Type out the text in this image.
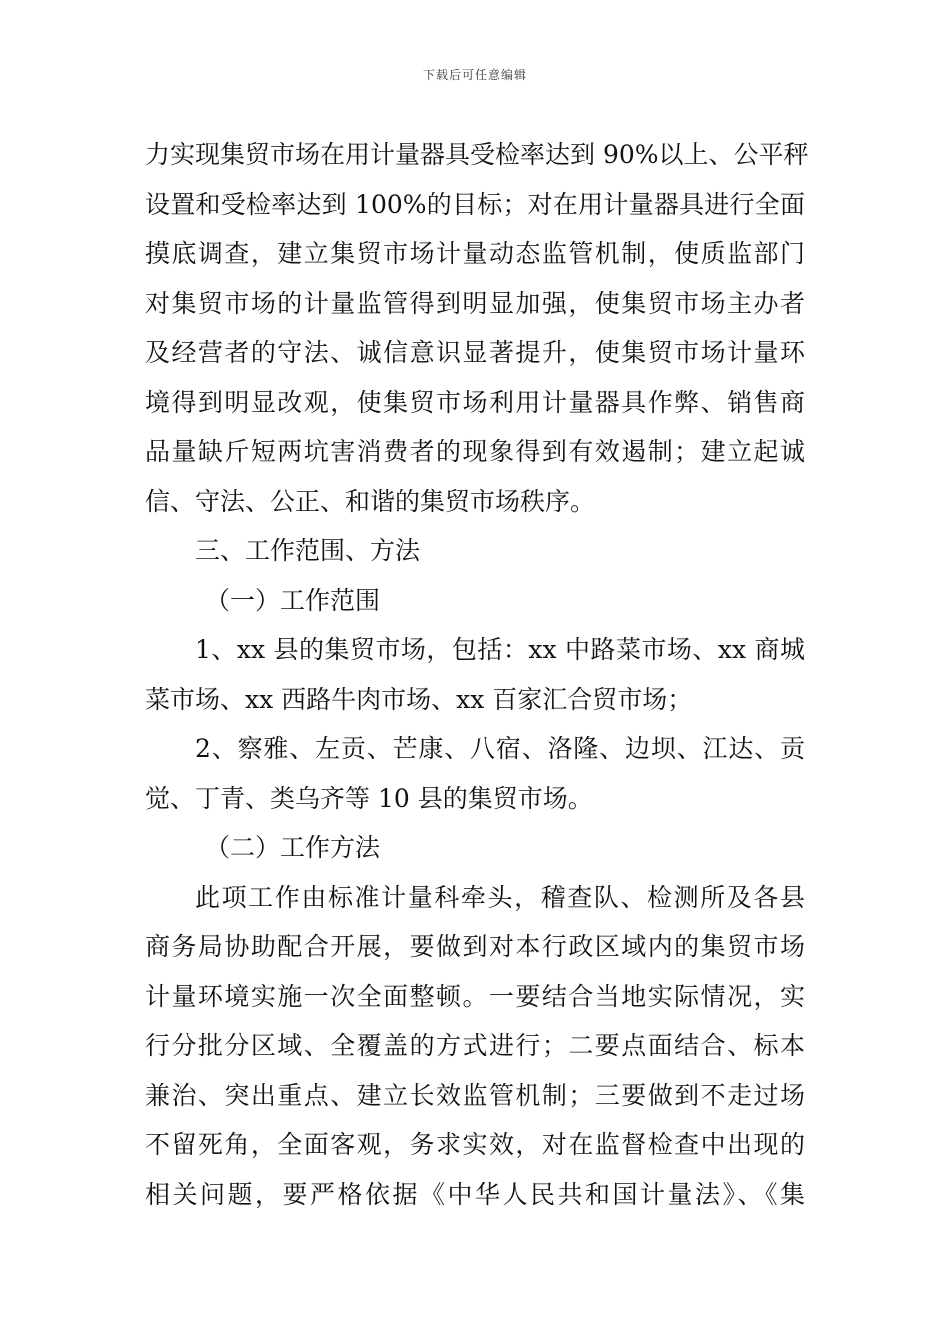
下载后可任意编辑
力实现集贸市场在用计量器具受检率达到 90%以上、公平秤
设置和受检率达到 100%的目标；对在用计量器具进行全面
摸底调查，建立集贸市场计量动态监管机制，使质监部门
对集贸市场的计量监管得到明显加强，使集贸市场主办者
及经营者的守法、诚信意识显著提升，使集贸市场计量环
境得到明显改观，使集贸市场利用计量器具作弊、销售商
品量缺斤短两坑害消费者的现象得到有效遏制；建立起诚
信、守法、公正、和谐的集贸市场秩序。
三、工作范围、方法
（一）工作范围
1、xx 县的集贸市场，包括：xx 中路菜市场、xx 商城
菜市场、xx 西路牛肉市场、xx 百家汇合贸市场；
2、察雅、左贡、芒康、八宿、洛隆、边坝、江达、贡
觉、丁青、类乌齐等 10 县的集贸市场。
（二）工作方法
此项工作由标准计量科牵头，稽查队、检测所及各县
商务局协助配合开展，要做到对本行政区域内的集贸市场
计量环境实施一次全面整顿。一要结合当地实际情况，实
行分批分区域、全覆盖的方式进行；二要点面结合、标本
兼治、突出重点、建立长效监管机制；三要做到不走过场
不留死角，全面客观，务求实效，对在监督检查中出现的
相关问题，要严格依据《中华人民共和国计量法》、《集
